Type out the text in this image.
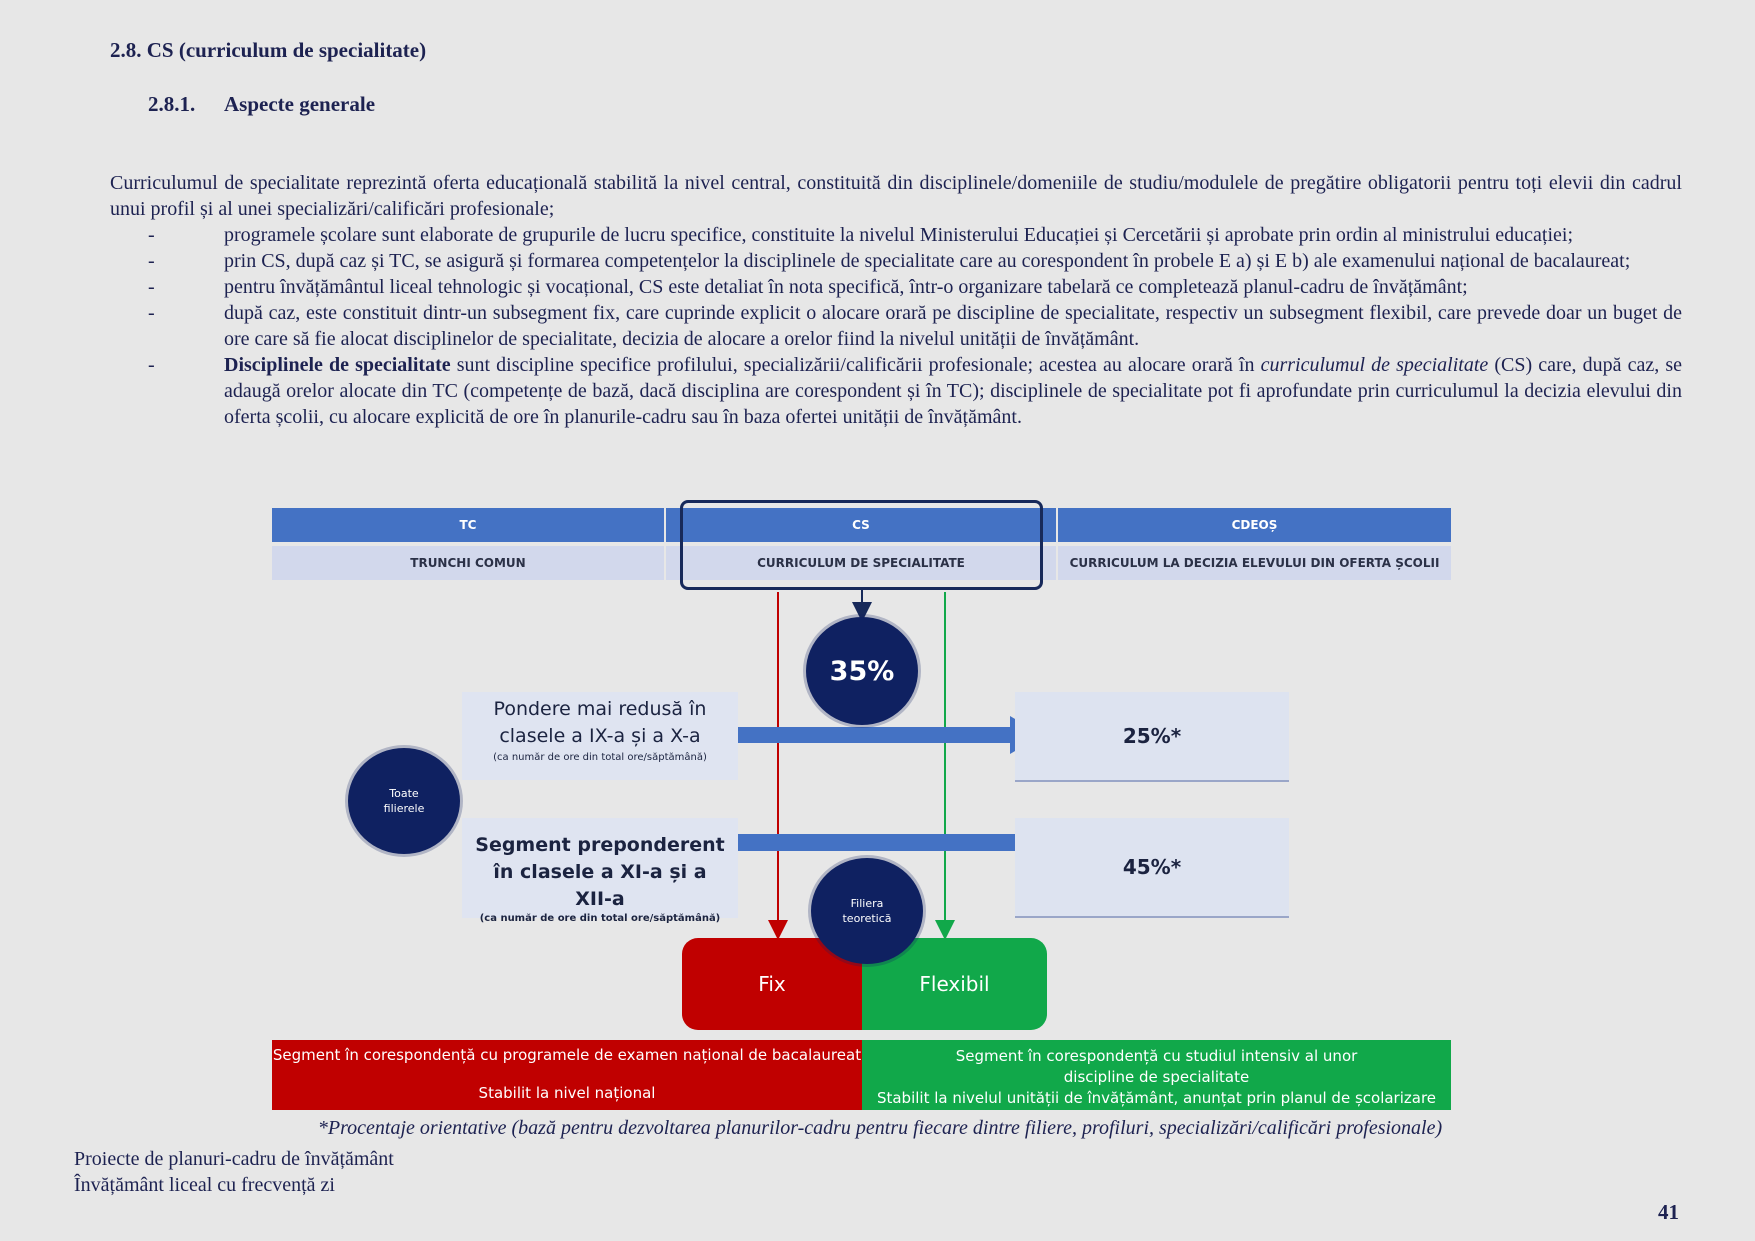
2.8. CS (curriculum de specialitate)
2.8.1. Aspecte generale
Curriculumul de specialitate reprezintă oferta educațională stabilită la nivel central, constituită din disciplinele/domeniile de studiu/modulele de pregătire obligatorii pentru toți elevii din cadrul unui profil și al unei specializări/calificări profesionale;
-	programele școlare sunt elaborate de grupurile de lucru specifice, constituite la nivelul Ministerului Educației și Cercetării și aprobate prin ordin al ministrului educației;
-	prin CS, după caz și TC, se asigură și formarea competențelor la disciplinele de specialitate care au corespondent în probele E a) și E b) ale examenului național de bacalaureat;
-	pentru învățământul liceal tehnologic și vocațional, CS este detaliat în nota specifică, într-o organizare tabelară ce completează planul-cadru de învățământ;
-	după caz, este constituit dintr-un subsegment fix, care cuprinde explicit o alocare orară pe discipline de specialitate, respectiv un subsegment flexibil, care prevede doar un buget de ore care să fie alocat disciplinelor de specialitate, decizia de alocare a orelor fiind la nivelul unității de învățământ.
-	Disciplinele de specialitate sunt discipline specifice profilului, specializării/calificării profesionale; acestea au alocare orară în curriculumul de specialitate (CS) care, după caz, se adaugă orelor alocate din TC (competențe de bază, dacă disciplina are corespondent și în TC); disciplinele de specialitate pot fi aprofundate prin curriculumul la decizia elevului din oferta școlii, cu alocare explicită de ore în planurile-cadru sau în baza ofertei unității de învățământ.
TC	CS	CDEOȘ
TRUNCHI COMUN	CURRICULUM DE SPECIALITATE	CURRICULUM LA DECIZIA ELEVULUI DIN OFERTA ȘCOLII
35%
Toate filierele
Pondere mai redusă în clasele a IX-a și a X-a
(ca număr de ore din total ore/săptămână)
25%*
Segment preponderent în clasele a XI-a și a XII-a
(ca număr de ore din total ore/săptămână)
45%*
Fix	Flexibil
Filiera teoretică
Segment în corespondență cu programele de examen național de bacalaureat
Stabilit la nivel național
Segment în corespondență cu studiul intensiv al unor discipline de specialitate
Stabilit la nivelul unității de învățământ, anunțat prin planul de școlarizare
*Procentaje orientative (bază pentru dezvoltarea planurilor-cadru pentru fiecare dintre filiere, profiluri, specializări/calificări profesionale)
Proiecte de planuri-cadru de învățământ
Învățământ liceal cu frecvență zi
41
